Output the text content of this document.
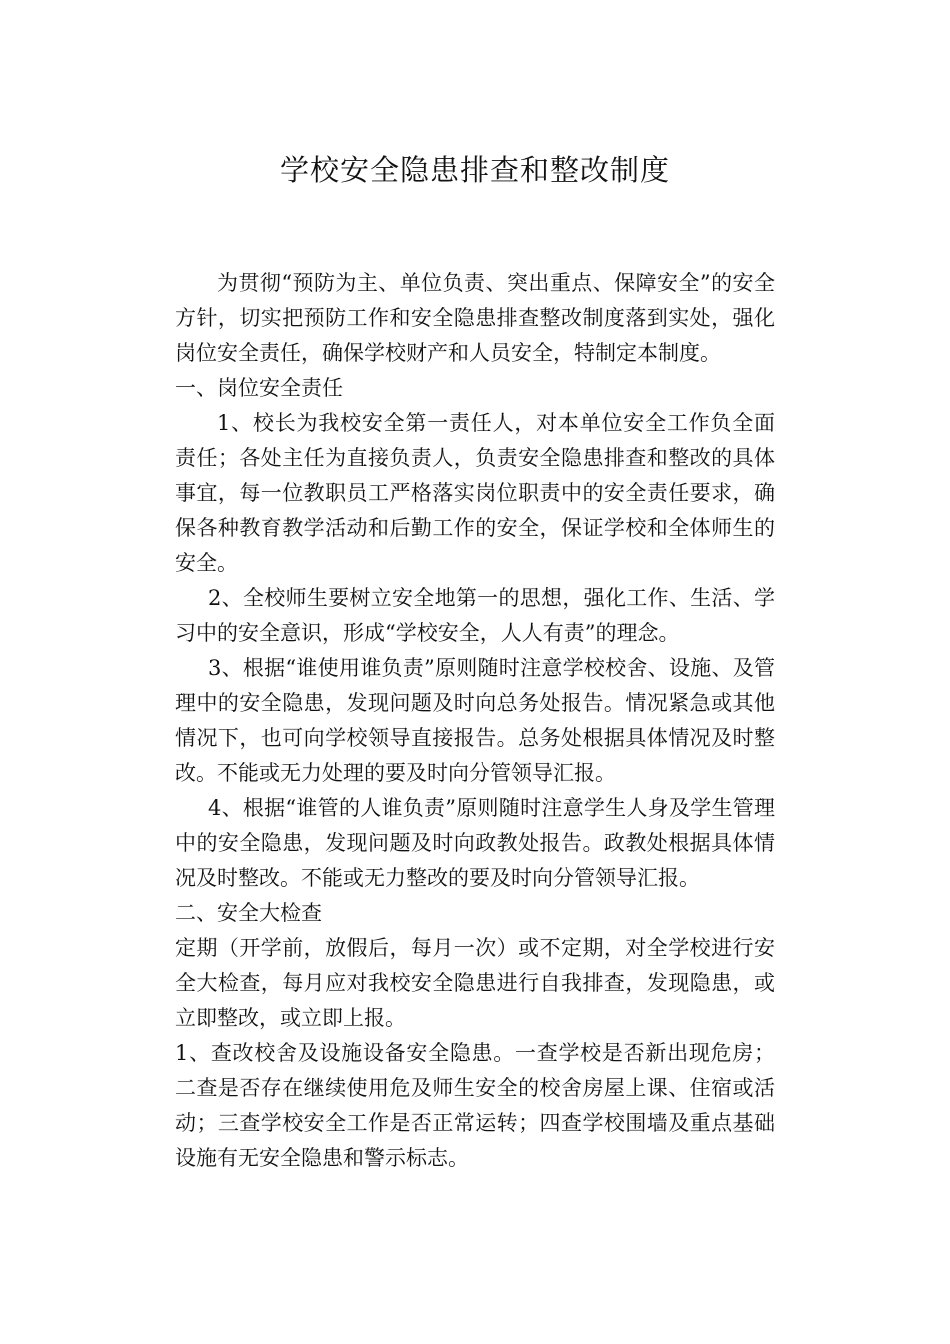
学校安全隐患排查和整改制度

为贯彻“预防为主、单位负责、突出重点、保障安全”的安全方针，切实把预防工作和安全隐患排查整改制度落到实处，强化岗位安全责任，确保学校财产和人员安全，特制定本制度。

一、岗位安全责任

1、校长为我校安全第一责任人，对本单位安全工作负全面责任；各处主任为直接负责人，负责安全隐患排查和整改的具体事宜，每一位教职员工严格落实岗位职责中的安全责任要求，确保各种教育教学活动和后勤工作的安全，保证学校和全体师生的安全。

2、全校师生要树立安全地第一的思想，强化工作、生活、学习中的安全意识，形成“学校安全，人人有责”的理念。

3、根据“谁使用谁负责”原则随时注意学校校舍、设施、及管理中的安全隐患，发现问题及时向总务处报告。情况紧急或其他情况下，也可向学校领导直接报告。总务处根据具体情况及时整改。不能或无力处理的要及时向分管领导汇报。

4、根据“谁管的人谁负责”原则随时注意学生人身及学生管理中的安全隐患，发现问题及时向政教处报告。政教处根据具体情况及时整改。不能或无力整改的要及时向分管领导汇报。

二、安全大检查

定期（开学前，放假后，每月一次）或不定期，对全学校进行安全大检查，每月应对我校安全隐患进行自我排查，发现隐患，或立即整改，或立即上报。

1、查改校舍及设施设备安全隐患。一查学校是否新出现危房；二查是否存在继续使用危及师生安全的校舍房屋上课、住宿或活动；三查学校安全工作是否正常运转；四查学校围墙及重点基础设施有无安全隐患和警示标志。
